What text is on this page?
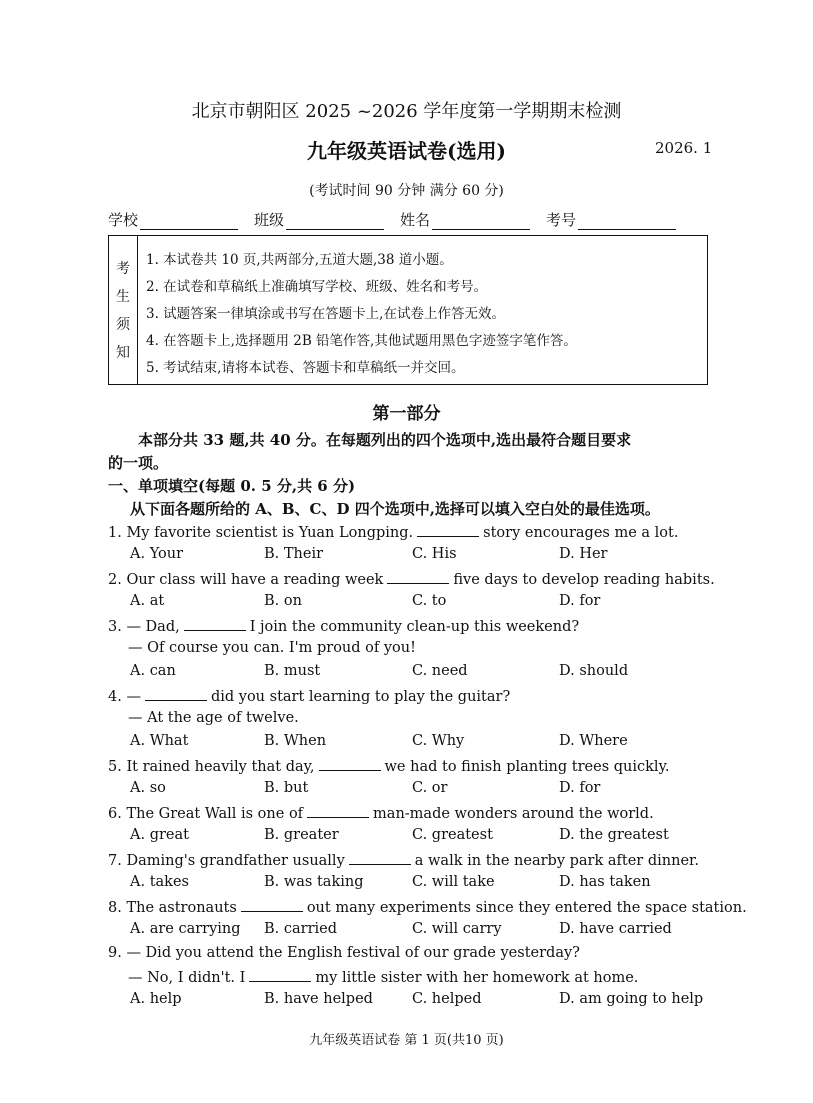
北京市朝阳区 2025 ~2026 学年度第一学期期末检测
九年级英语试卷(选用)	2026. 1
(考试时间 90 分钟 满分 60 分)
学校	班级	姓名	考号
考
生
须
知
1. 本试卷共 10 页,共两部分,五道大题,38 道小题。
2. 在试卷和草稿纸上准确填写学校、班级、姓名和考号。
3. 试题答案一律填涂或书写在答题卡上,在试卷上作答无效。
4. 在答题卡上,选择题用 2B 铅笔作答,其他试题用黑色字迹签字笔作答。
5. 考试结束,请将本试卷、答题卡和草稿纸一并交回。
第一部分
本部分共 33 题,共 40 分。在每题列出的四个选项中,选出最符合题目要求
的一项。
一、单项填空(每题 0. 5 分,共 6 分)
从下面各题所给的 A、B、C、D 四个选项中,选择可以填入空白处的最佳选项。
1. My favorite scientist is Yuan Longping.	story encourages me a lot.
A. Your	B. Their	C. His	D. Her
2. Our class will have a reading week	five days to develop reading habits.
A. at	B. on	C. to	D. for
3. — Dad,	I join the community clean-up this weekend?
— Of course you can. I'm proud of you!
A. can	B. must	C. need	D. should
4. —	did you start learning to play the guitar?
— At the age of twelve.
A. What	B. When	C. Why	D. Where
5. It rained heavily that day,	we had to finish planting trees quickly.
A. so	B. but	C. or	D. for
6. The Great Wall is one of	man-made wonders around the world.
A. great	B. greater	C. greatest	D. the greatest
7. Daming's grandfather usually	a walk in the nearby park after dinner.
A. takes	B. was taking	C. will take	D. has taken
8. The astronauts	out many experiments since they entered the space station.
A. are carrying B. carried	C. will carry	D. have carried
9. — Did you attend the English festival of our grade yesterday?
— No, I didn't. I	my little sister with her homework at home.
A. help	B. have helped	C. helped	D. am going to help
九年级英语试卷 第 1 页(共10 页)
